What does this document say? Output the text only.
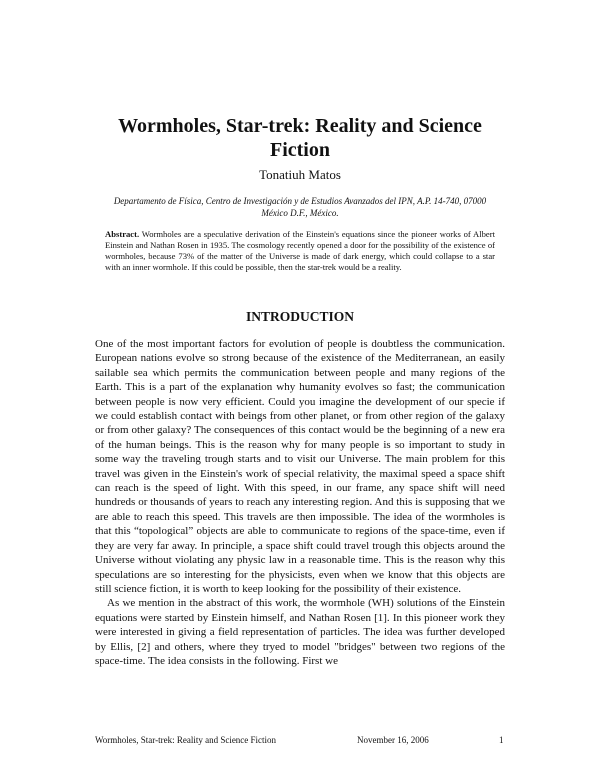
Wormholes, Star-trek: Reality and Science Fiction
Tonatiuh Matos
Departamento de Física, Centro de Investigación y de Estudios Avanzados del IPN, A.P. 14-740, 07000 México D.F., México.
Abstract. Wormholes are a speculative derivation of the Einstein's equations since the pioneer works of Albert Einstein and Nathan Rosen in 1935. The cosmology recently opened a door for the possibility of the existence of wormholes, because 73% of the matter of the Universe is made of dark energy, which could collapse to a star with an inner wormhole. If this could be possible, then the star-trek would be a reality.
INTRODUCTION

One of the most important factors for evolution of people is doubtless the communication. European nations evolve so strong because of the existence of the Mediterranean, an easily sailable sea which permits the communication between people and many regions of the Earth. This is a part of the explanation why humanity evolves so fast; the communication between people is now very efficient. Could you imagine the development of our specie if we could establish contact with beings from other planet, or from other region of the galaxy or from other galaxy? The consequences of this contact would be the beginning of a new era of the human beings. This is the reason why for many people is so important to study in some way the traveling trough starts and to visit our Universe. The main problem for this travel was given in the Einstein's work of special relativity, the maximal speed a space shift can reach is the speed of light. With this speed, in our frame, any space shift will need hundreds or thousands of years to reach any interesting region. And this is supposing that we are able to reach this speed. This travels are then impossible. The idea of the wormholes is that this “topological” objects are able to communicate to regions of the space-time, even if they are very far away. In principle, a space shift could travel trough this objects around the Universe without violating any physic law in a reasonable time. This is the reason why this speculations are so interesting for the physicists, even when we know that this objects are still science fiction, it is worth to keep looking for the possibility of their existence.

As we mention in the abstract of this work, the wormhole (WH) solutions of the Einstein equations were started by Einstein himself, and Nathan Rosen [1]. In this pioneer work they were interested in giving a field representation of particles. The idea was further developed by Ellis, [2] and others, where they tryed to model "bridges" between two regions of the space-time. The idea consists in the following. First we

Wormholes, Star-trek: Reality and Science Fiction	November 16, 2006	1
